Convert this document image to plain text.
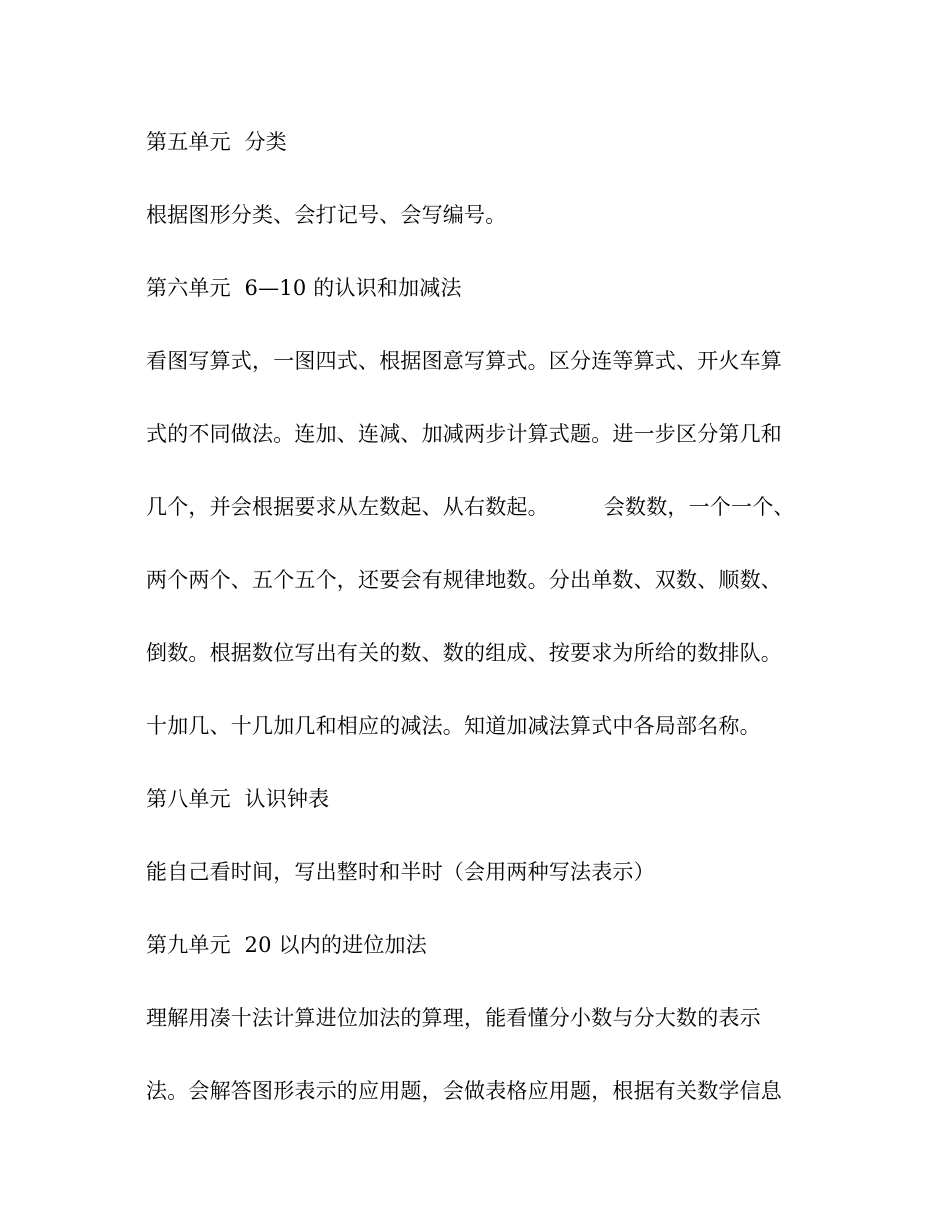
第五单元  分类
根据图形分类、会打记号、会写编号。
第六单元  6—10 的认识和加减法
看图写算式，一图四式、根据图意写算式。区分连等算式、开火车算
式的不同做法。连加、连减、加减两步计算式题。进一步区分第几和
几个，并会根据要求从左数起、从右数起。        会数数，一个一个、
两个两个、五个五个，还要会有规律地数。分出单数、双数、顺数、
倒数。根据数位写出有关的数、数的组成、按要求为所给的数排队。
十加几、十几加几和相应的减法。知道加减法算式中各局部名称。
第八单元  认识钟表
能自己看时间，写出整时和半时（会用两种写法表示）
第九单元  20 以内的进位加法
理解用凑十法计算进位加法的算理，能看懂分小数与分大数的表示
法。会解答图形表示的应用题，会做表格应用题，根据有关数学信息
